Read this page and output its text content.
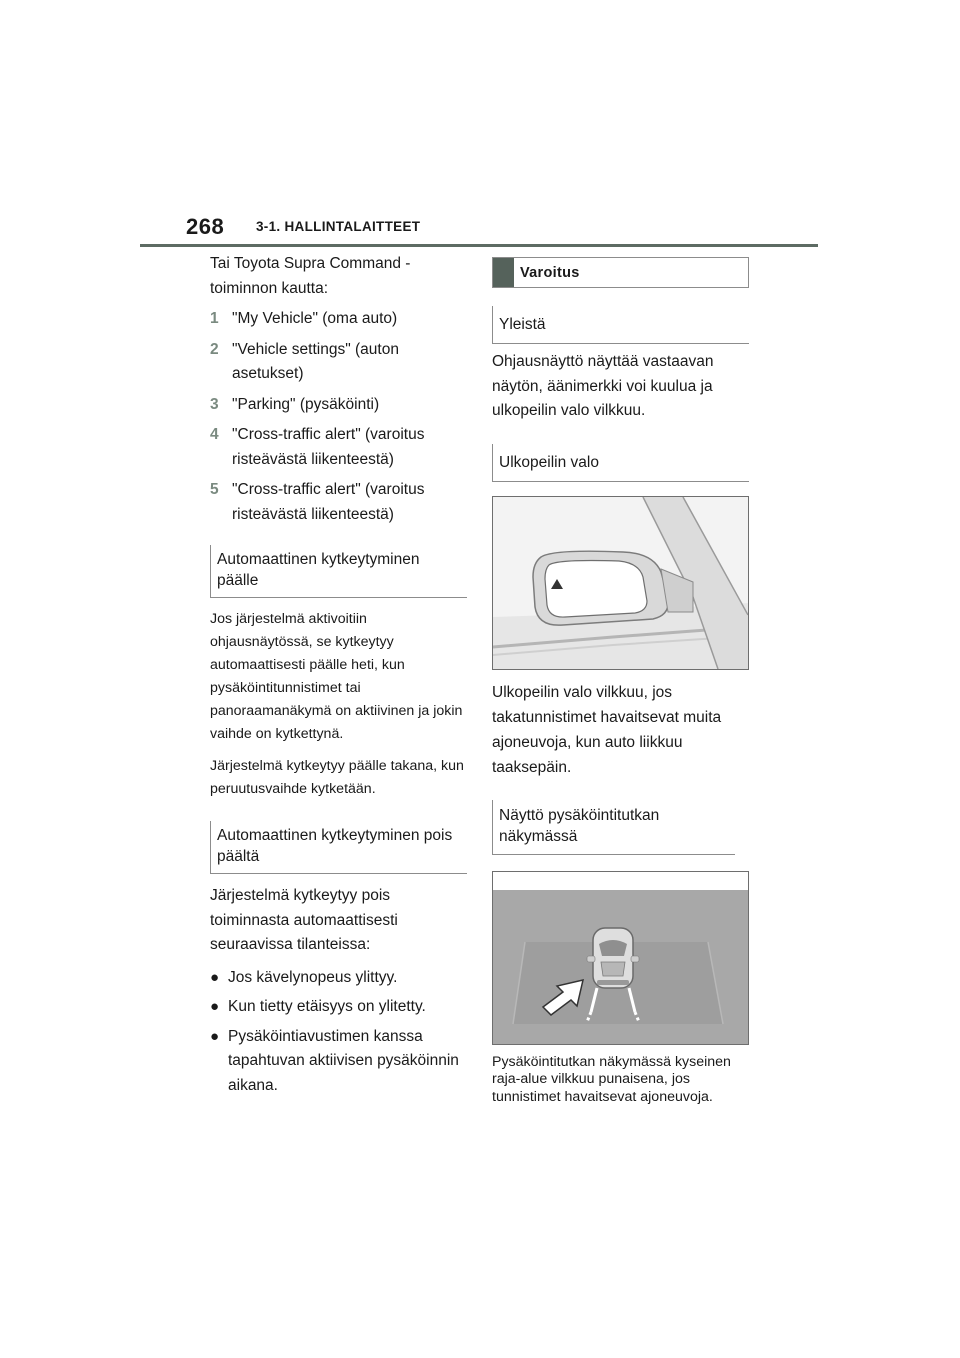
268 3-1. HALLINTALAITTEET

Tai Toyota Supra Command -toiminnon kautta:

1 "My Vehicle" (oma auto)
2 "Vehicle settings" (auton asetukset)
3 "Parking" (pysäköinti)
4 "Cross-traffic alert" (varoitus risteävästä liikenteestä)
5 "Cross-traffic alert" (varoitus risteävästä liikenteestä)
Automaattinen kytkeytyminen päälle

Jos järjestelmä aktivoitiin ohjausnäytössä, se kytkeytyy automaattisesti päälle heti, kun pysäköintitunnistimet tai panoraamanäkymä on aktiivinen ja jokin vaihde on kytkettynä.

Järjestelmä kytkeytyy päälle takana, kun peruutusvaihde kytketään.

Automaattinen kytkeytyminen pois päältä

Järjestelmä kytkeytyy pois toiminnasta automaattisesti seuraavissa tilanteissa:

● Jos kävelynopeus ylittyy.
● Kun tietty etäisyys on ylitetty.
● Pysäköintiavustimen kanssa tapahtuvan aktiivisen pysäköinnin aikana.
Varoitus
Yleistä

Ohjausnäyttö näyttää vastaavan näytön, äänimerkki voi kuulua ja ulkopeilin valo vilkkuu.

Ulkopeilin valo

Ulkopeilin valo vilkkuu, jos takatunnistimet havaitsevat muita ajoneuvoja, kun auto liikkuu taaksepäin.

Näyttö pysäköintitutkan näkymässä

Pysäköintitutkan näkymässä kyseinen raja-alue vilkkuu punaisena, jos tunnistimet havaitsevat ajoneuvoja.
